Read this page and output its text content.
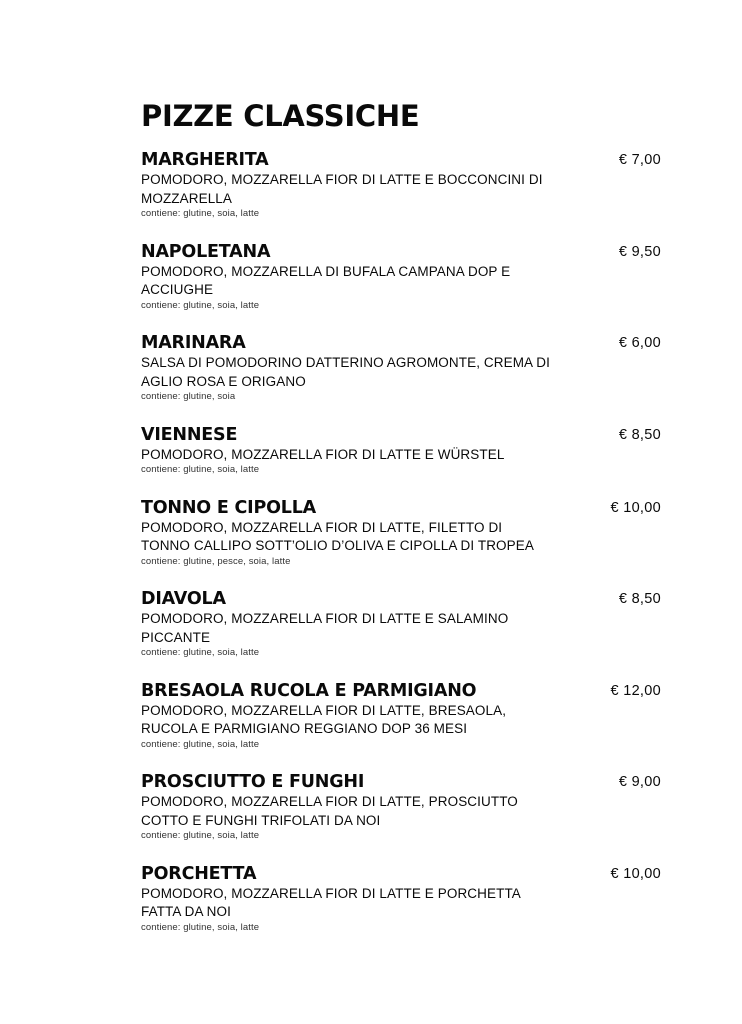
PIZZE CLASSICHE
MARGHERITA	€ 7,00
POMODORO, MOZZARELLA FIOR DI LATTE E BOCCONCINI DI MOZZARELLA
contiene: glutine, soia, latte
NAPOLETANA	€ 9,50
POMODORO, MOZZARELLA DI BUFALA CAMPANA DOP E ACCIUGHE
contiene: glutine, soia, latte
MARINARA	€ 6,00
SALSA DI POMODORINO DATTERINO AGROMONTE, CREMA DI AGLIO ROSA E ORIGANO
contiene: glutine, soia
VIENNESE	€ 8,50
POMODORO, MOZZARELLA FIOR DI LATTE E WÜRSTEL
contiene: glutine, soia, latte
TONNO E CIPOLLA	€ 10,00
POMODORO, MOZZARELLA FIOR DI LATTE, FILETTO DI TONNO CALLIPO SOTT’OLIO D’OLIVA E CIPOLLA DI TROPEA
contiene: glutine, pesce, soia, latte
DIAVOLA	€ 8,50
POMODORO, MOZZARELLA FIOR DI LATTE E SALAMINO PICCANTE
contiene: glutine, soia, latte
BRESAOLA RUCOLA E PARMIGIANO	€ 12,00
POMODORO, MOZZARELLA FIOR DI LATTE, BRESAOLA, RUCOLA E PARMIGIANO REGGIANO DOP 36 MESI
contiene: glutine, soia, latte
PROSCIUTTO E FUNGHI	€ 9,00
POMODORO, MOZZARELLA FIOR DI LATTE, PROSCIUTTO COTTO E FUNGHI TRIFOLATI DA NOI
contiene: glutine, soia, latte
PORCHETTA	€ 10,00
POMODORO, MOZZARELLA FIOR DI LATTE E PORCHETTA FATTA DA NOI
contiene: glutine, soia, latte
